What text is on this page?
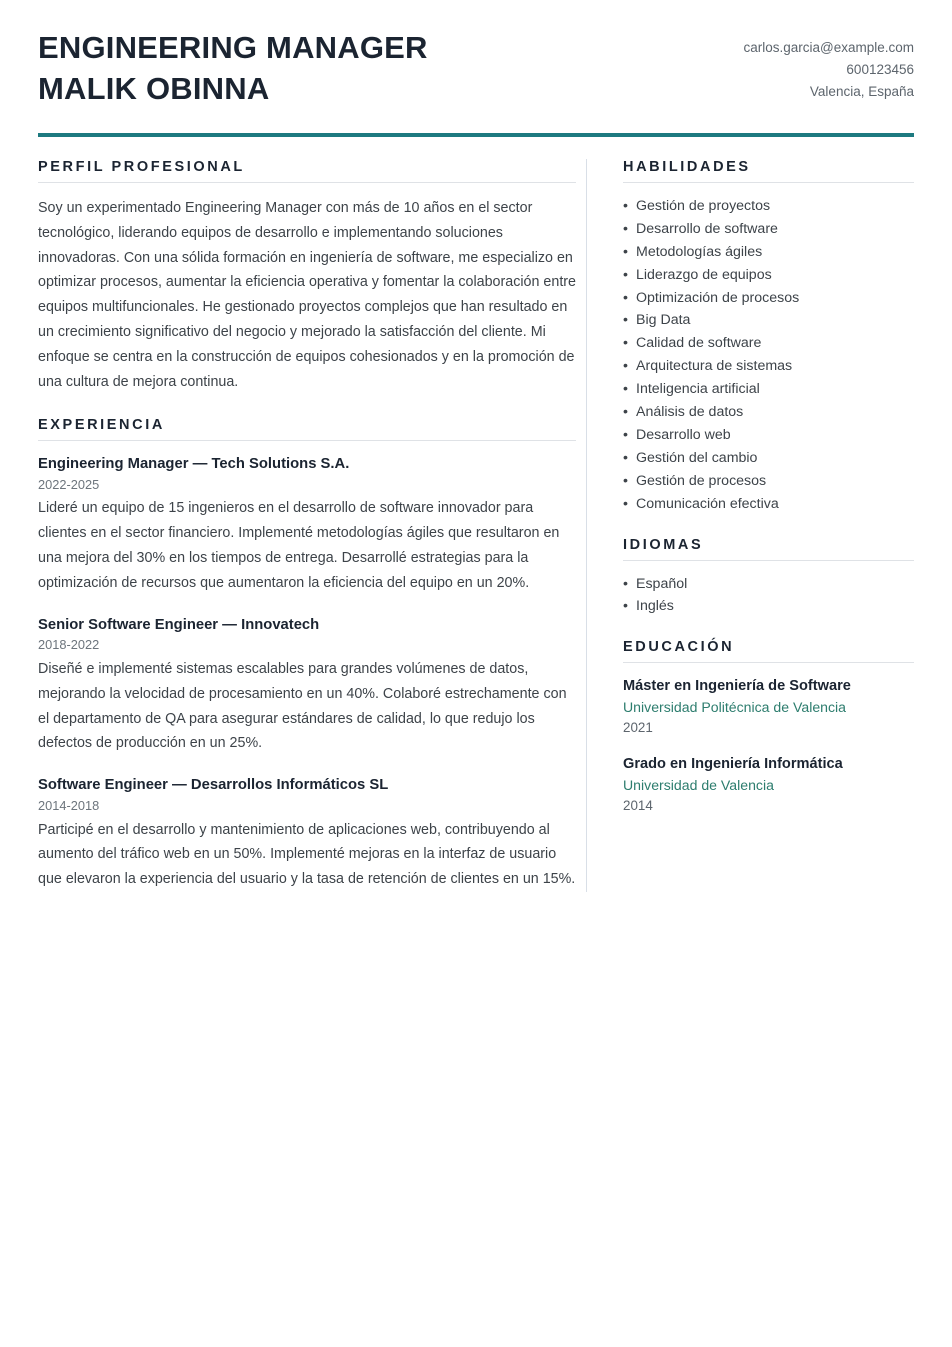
ENGINEERING MANAGER
MALIK OBINNA
carlos.garcia@example.com
600123456
Valencia, España
PERFIL PROFESIONAL

Soy un experimentado Engineering Manager con más de 10 años en el sector tecnológico, liderando equipos de desarrollo e implementando soluciones innovadoras. Con una sólida formación en ingeniería de software, me especializo en optimizar procesos, aumentar la eficiencia operativa y fomentar la colaboración entre equipos multifuncionales. He gestionado proyectos complejos que han resultado en un crecimiento significativo del negocio y mejorado la satisfacción del cliente. Mi enfoque se centra en la construcción de equipos cohesionados y en la promoción de una cultura de mejora continua.

EXPERIENCIA
Engineering Manager — Tech Solutions S.A.
2022-2025

Lideré un equipo de 15 ingenieros en el desarrollo de software innovador para clientes en el sector financiero. Implementé metodologías ágiles que resultaron en una mejora del 30% en los tiempos de entrega. Desarrollé estrategias para la optimización de recursos que aumentaron la eficiencia del equipo en un 20%.

Senior Software Engineer — Innovatech
2018-2022

Diseñé e implementé sistemas escalables para grandes volúmenes de datos, mejorando la velocidad de procesamiento en un 40%. Colaboré estrechamente con el departamento de QA para asegurar estándares de calidad, lo que redujo los defectos de producción en un 25%.

Software Engineer — Desarrollos Informáticos SL
2014-2018

Participé en el desarrollo y mantenimiento de aplicaciones web, contribuyendo al aumento del tráfico web en un 50%. Implementé mejoras en la interfaz de usuario que elevaron la experiencia del usuario y la tasa de retención de clientes en un 15%.

HABILIDADES
• Gestión de proyectos
• Desarrollo de software
• Metodologías ágiles
• Liderazgo de equipos
• Optimización de procesos
• Big Data
• Calidad de software
• Arquitectura de sistemas
• Inteligencia artificial
• Análisis de datos
• Desarrollo web
• Gestión del cambio
• Gestión de procesos
• Comunicación efectiva
IDIOMAS
• Español
• Inglés
EDUCACIÓN
Máster en Ingeniería de Software
Universidad Politécnica de Valencia
2021
Grado en Ingeniería Informática
Universidad de Valencia
2014
